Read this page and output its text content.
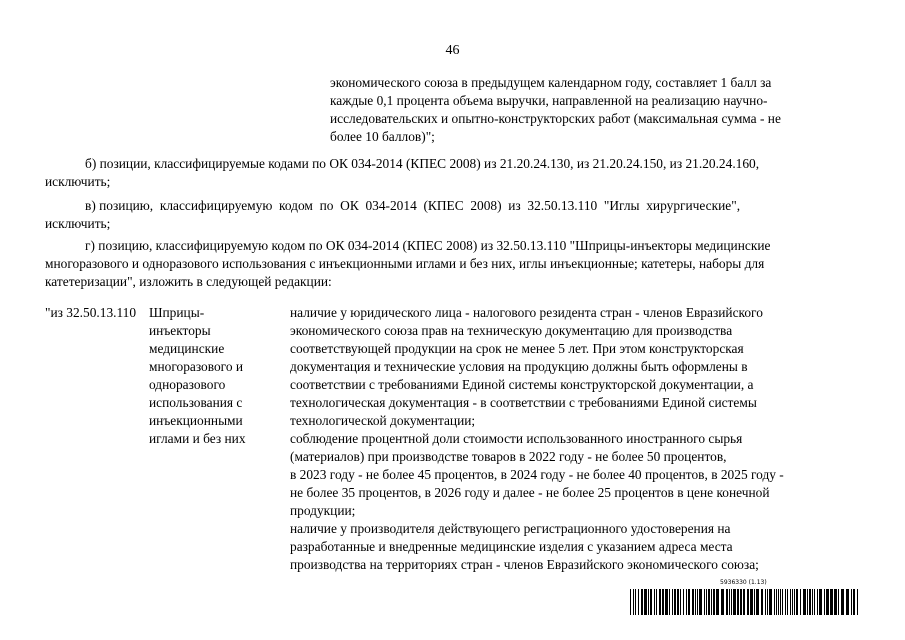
46
экономического союза в предыдущем календарном году, составляет 1 балл за
каждые 0,1 процента объема выручки, направленной на реализацию научно-
исследовательских и опытно-конструкторских работ (максимальная сумма - не
более 10 баллов)";
б) позиции, классифицируемые кодами по ОК 034-2014 (КПЕС 2008) из 21.20.24.130, из 21.20.24.150, из 21.20.24.160,
исключить;
в) позицию,  классифицируемую  кодом  по  ОК  034-2014  (КПЕС  2008)  из  32.50.13.110  "Иглы  хирургические",
исключить;
г) позицию, классифицируемую кодом по ОК 034-2014 (КПЕС 2008) из 32.50.13.110 "Шприцы-инъекторы медицинские
многоразового и одноразового использования с инъекционными иглами и без них, иглы инъекционные; катетеры, наборы для
катетеризации", изложить в следующей редакции:
"из 32.50.13.110 Шприцы-
инъекторы
медицинские
многоразового и
одноразового
использования с
инъекционными
иглами и без них
наличие у юридического лица - налогового резидента стран - членов Евразийского
экономического союза прав на техническую документацию для производства
соответствующей продукции на срок не менее 5 лет. При этом конструкторская
документация и технические условия на продукцию должны быть оформлены в
соответствии с требованиями Единой системы конструкторской документации, а
технологическая документация - в соответствии с требованиями Единой системы
технологической документации;
соблюдение процентной доли стоимости использованного иностранного сырья
(материалов) при производстве товаров в 2022 году - не более 50 процентов,
в 2023 году - не более 45 процентов, в 2024 году - не более 40 процентов, в 2025 году -
не более 35 процентов, в 2026 году и далее - не более 25 процентов в цене конечной
продукции;
наличие у производителя действующего регистрационного удостоверения на
разработанные и внедренные медицинские изделия с указанием адреса места
производства на территориях стран - членов Евразийского экономического союза;
5936330 (1.13)
